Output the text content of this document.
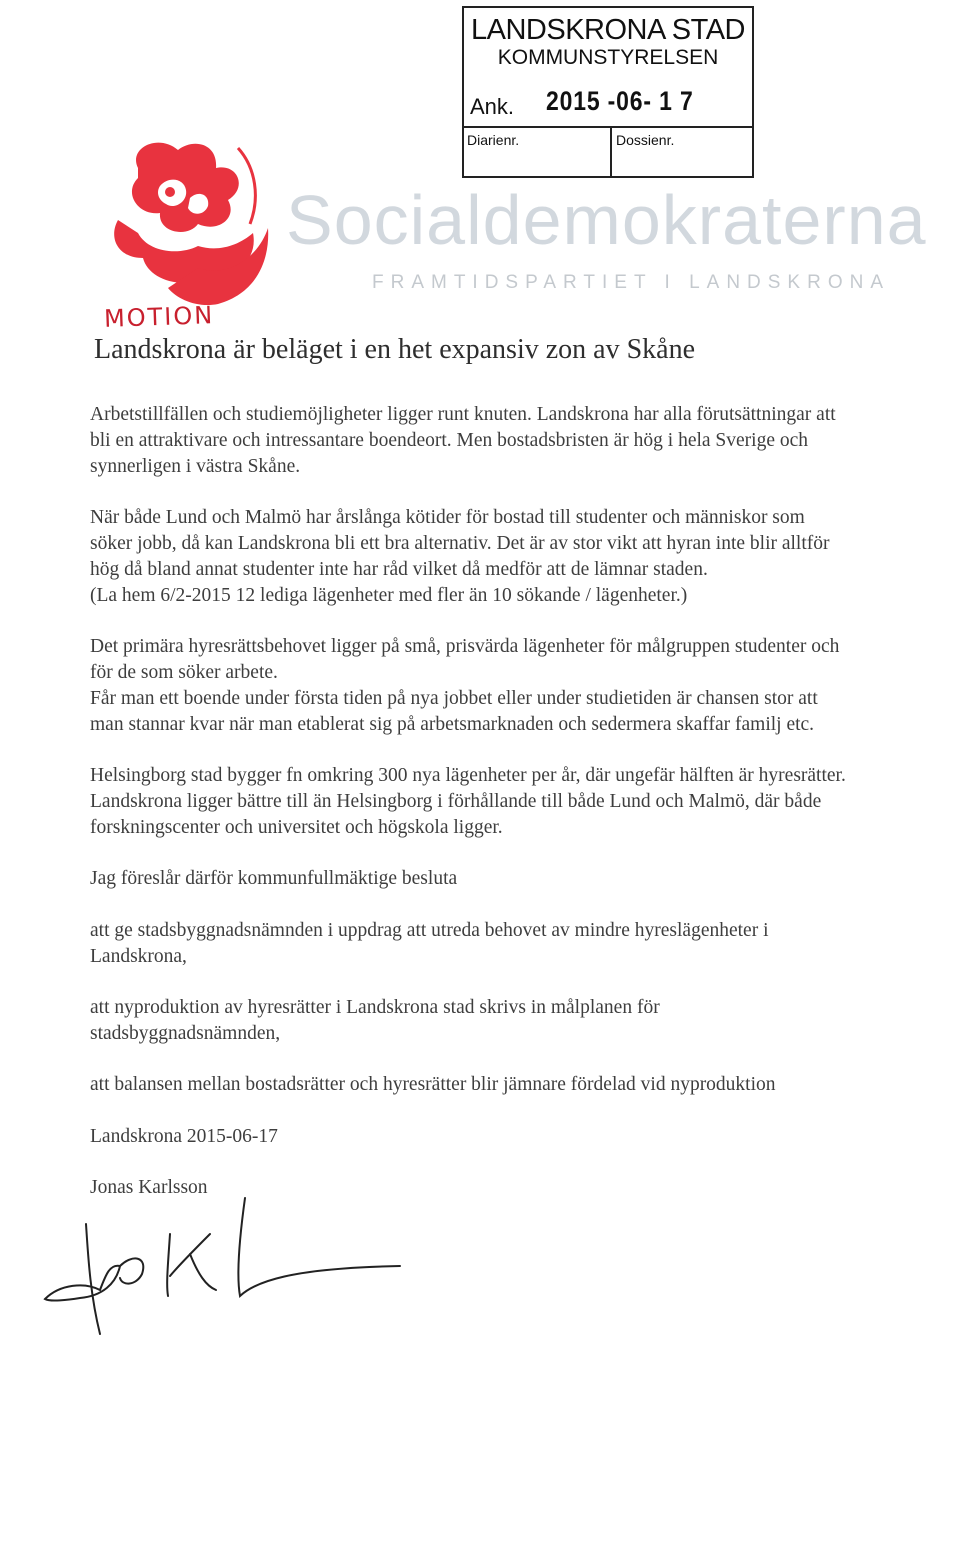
LANDSKRONA STAD
KOMMUNSTYRELSEN
Ank. 2015 -06- 1 7
Diarienr.	Dossienr.
Socialdemokraterna
FRAMTIDSPARTIET I LANDSKRONA
MOTION
Landskrona är beläget i en het expansiv zon av Skåne
Arbetstillfällen och studiemöjligheter ligger runt knuten. Landskrona har alla förutsättningar att
bli en attraktivare och intressantare boendeort. Men bostadsbristen är hög i hela Sverige och
synnerligen i västra Skåne.
När både Lund och Malmö har årslånga kötider för bostad till studenter och människor som
söker jobb, då kan Landskrona bli ett bra alternativ. Det är av stor vikt att hyran inte blir alltför
hög då bland annat studenter inte har råd vilket då medför att de lämnar staden.
(La hem 6/2-2015 12 lediga lägenheter med fler än 10 sökande / lägenheter.)
Det primära hyresrättsbehovet ligger på små, prisvärda lägenheter för målgruppen studenter och
för de som söker arbete.
Får man ett boende under första tiden på nya jobbet eller under studietiden är chansen stor att
man stannar kvar när man etablerat sig på arbetsmarknaden och sedermera skaffar familj etc.
Helsingborg stad bygger fn omkring 300 nya lägenheter per år, där ungefär hälften är hyresrätter.
Landskrona ligger bättre till än Helsingborg i förhållande till både Lund och Malmö, där både
forskningscenter och universitet och högskola ligger.
Jag föreslår därför kommunfullmäktige besluta
att ge stadsbyggnadsnämnden i uppdrag att utreda behovet av mindre hyreslägenheter i
Landskrona,
att nyproduktion av hyresrätter i Landskrona stad skrivs in målplanen för
stadsbyggnadsnämnden,
att balansen mellan bostadsrätter och hyresrätter blir jämnare fördelad vid nyproduktion
Landskrona 2015-06-17
Jonas Karlsson
